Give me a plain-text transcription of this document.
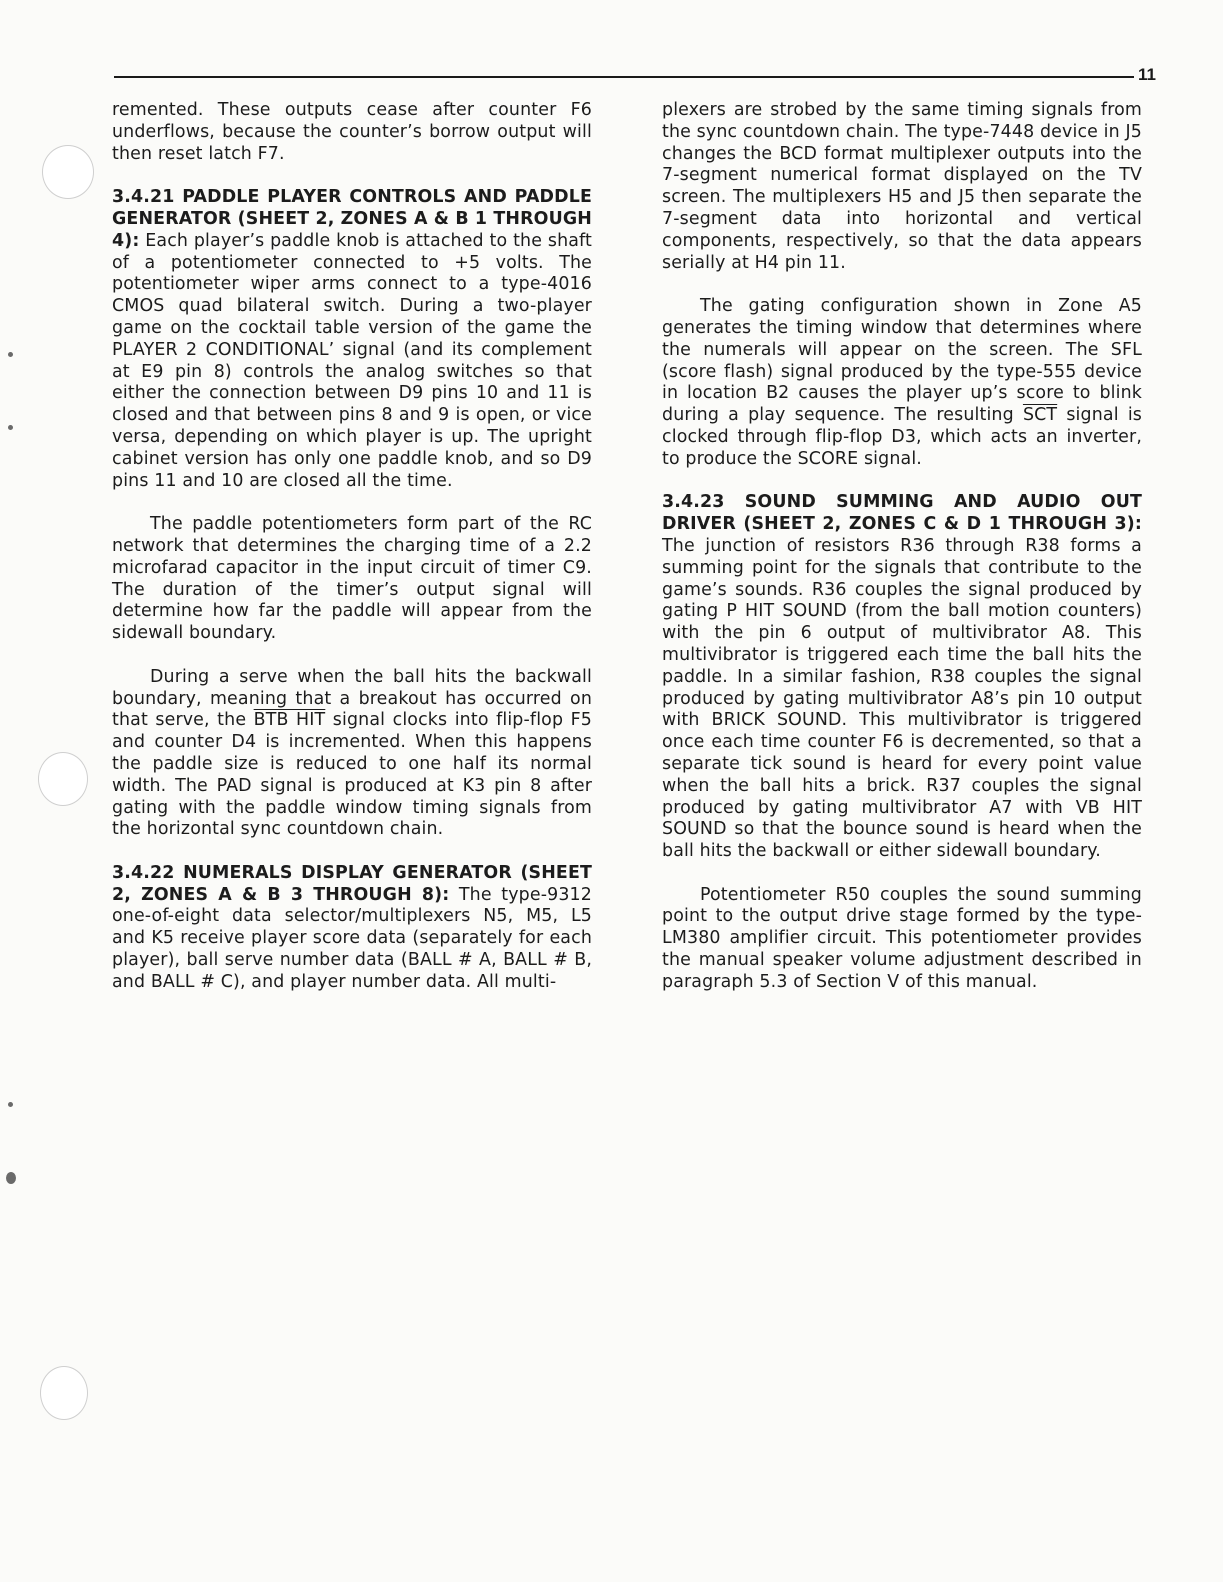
11

remented. These outputs cease after counter F6 underflows, because the counter’s borrow output will then reset latch F7.

3.4.21 PADDLE PLAYER CONTROLS AND PADDLE GENERATOR (SHEET 2, ZONES A & B 1 THROUGH 4): Each player’s paddle knob is attached to the shaft of a potentiometer connected to +5 volts. The potentiometer wiper arms connect to a type-4016 CMOS quad bilateral switch. During a two-player game on the cocktail table version of the game the PLAYER 2 CONDITIONAL’ signal (and its complement at E9 pin 8) controls the analog switches so that either the connection between D9 pins 10 and 11 is closed and that between pins 8 and 9 is open, or vice versa, depending on which player is up. The upright cabinet version has only one paddle knob, and so D9 pins 11 and 10 are closed all the time.

The paddle potentiometers form part of the RC network that determines the charging time of a 2.2 microfarad capacitor in the input circuit of timer C9. The duration of the timer’s output signal will determine how far the paddle will appear from the sidewall boundary.

During a serve when the ball hits the backwall boundary, meaning that a breakout has occurred on that serve, the BTB HIT signal clocks into flip-flop F5 and counter D4 is incremented. When this happens the paddle size is reduced to one half its normal width. The PAD signal is produced at K3 pin 8 after gating with the paddle window timing signals from the horizontal sync countdown chain.

3.4.22 NUMERALS DISPLAY GENERATOR (SHEET 2, ZONES A & B 3 THROUGH 8): The type-9312 one-of-eight data selector/multiplexers N5, M5, L5 and K5 receive player score data (separately for each player), ball serve number data (BALL # A, BALL # B, and BALL # C), and player number data. All multi-

plexers are strobed by the same timing signals from the sync countdown chain. The type-7448 device in J5 changes the BCD format multiplexer outputs into the 7-segment numerical format displayed on the TV screen. The multiplexers H5 and J5 then separate the 7-segment data into horizontal and vertical components, respectively, so that the data appears serially at H4 pin 11.

The gating configuration shown in Zone A5 generates the timing window that determines where the numerals will appear on the screen. The SFL (score flash) signal produced by the type-555 device in location B2 causes the player up’s score to blink during a play sequence. The resulting $\overline{SCT}$ signal is clocked through flip-flop D3, which acts an inverter, to produce the SCORE signal.

3.4.23 SOUND SUMMING AND AUDIO OUT DRIVER (SHEET 2, ZONES C & D 1 THROUGH 3): The junction of resistors R36 through R38 forms a summing point for the signals that contribute to the game’s sounds. R36 couples the signal produced by gating P HIT SOUND (from the ball motion counters) with the pin 6 output of multivibrator A8. This multivibrator is triggered each time the ball hits the paddle. In a similar fashion, R38 couples the signal produced by gating multivibrator A8’s pin 10 output with BRICK SOUND. This multivibrator is triggered once each time counter F6 is decremented, so that a separate tick sound is heard for every point value when the ball hits a brick. R37 couples the signal produced by gating multivibrator A7 with VB HIT SOUND so that the bounce sound is heard when the ball hits the backwall or either sidewall boundary.

Potentiometer R50 couples the sound summing point to the output drive stage formed by the type-LM380 amplifier circuit. This potentiometer provides the manual speaker volume adjustment described in paragraph 5.3 of Section V of this manual.
